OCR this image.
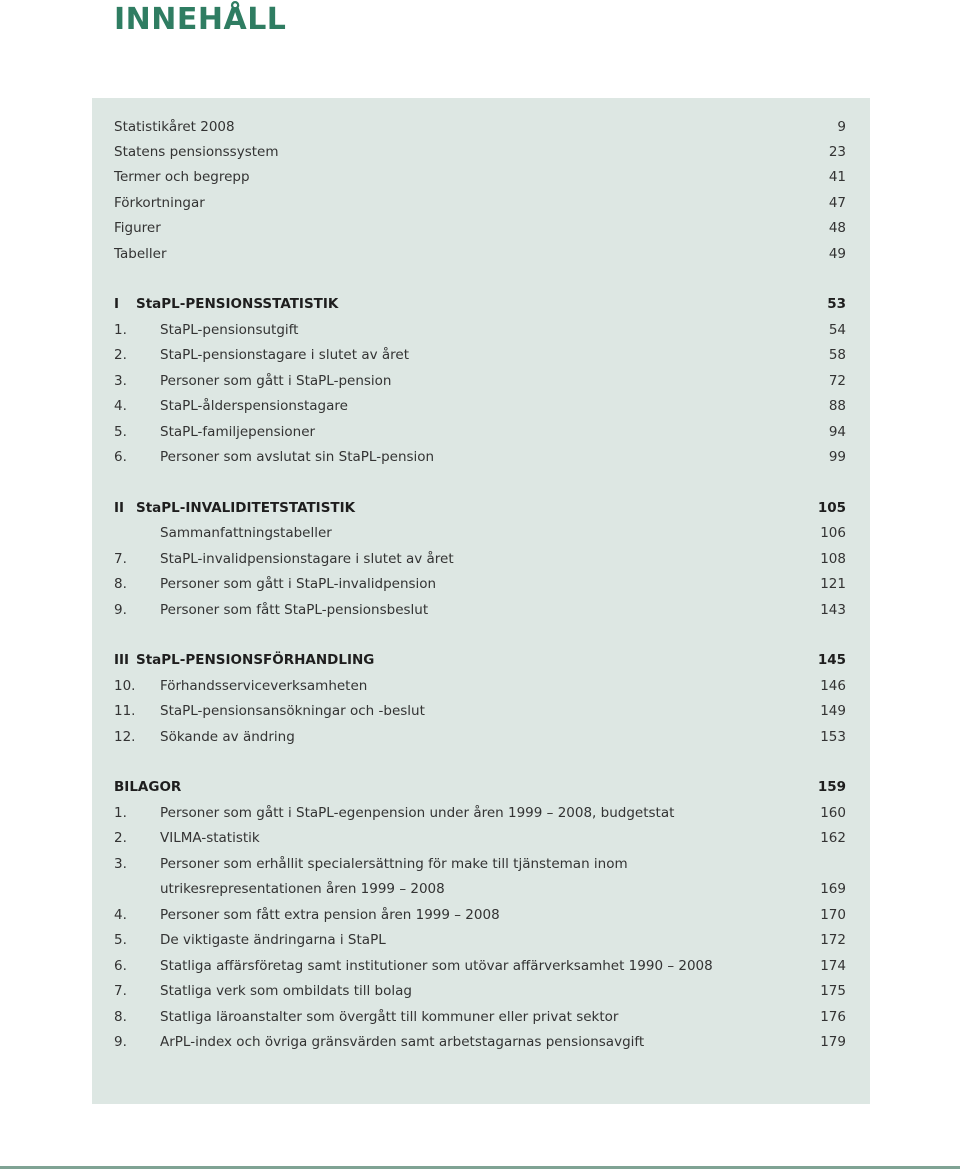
INNEHÅLL
Statistikåret 2008	9
Statens pensionssystem	23
Termer och begrepp	41
Förkortningar	47
Figurer	48
Tabeller	49
I StaPL-PENSIONSSTATISTIK	53
1. StaPL-pensionsutgift	54
2. StaPL-pensionstagare i slutet av året	58
3. Personer som gått i StaPL-pension	72
4. StaPL-ålderspensionstagare	88
5. StaPL-familjepensioner	94
6. Personer som avslutat sin StaPL-pension	99
II StaPL-INVALIDITETSTATISTIK	105
Sammanfattningstabeller	106
7. StaPL-invalidpensionstagare i slutet av året	108
8. Personer som gått i StaPL-invalidpension	121
9. Personer som fått StaPL-pensionsbeslut	143
III StaPL-PENSIONSFÖRHANDLING	145
10. Förhandsserviceverksamheten	146
11. StaPL-pensionsansökningar och -beslut	149
12. Sökande av ändring	153
BILAGOR	159
1. Personer som gått i StaPL-egenpension under åren 1999 – 2008, budgetstat	160
2. VILMA-statistik	162
3. Personer som erhållit specialersättning för make till tjänsteman inom
utrikesrepresentationen åren 1999 – 2008	169
4. Personer som fått extra pension åren 1999 – 2008	170
5. De viktigaste ändringarna i StaPL	172
6. Statliga affärsföretag samt institutioner som utövar affärverksamhet 1990 – 2008	174
7. Statliga verk som ombildats till bolag	175
8. Statliga läroanstalter som övergått till kommuner eller privat sektor	176
9. ArPL-index och övriga gränsvärden samt arbetstagarnas pensionsavgift	179
